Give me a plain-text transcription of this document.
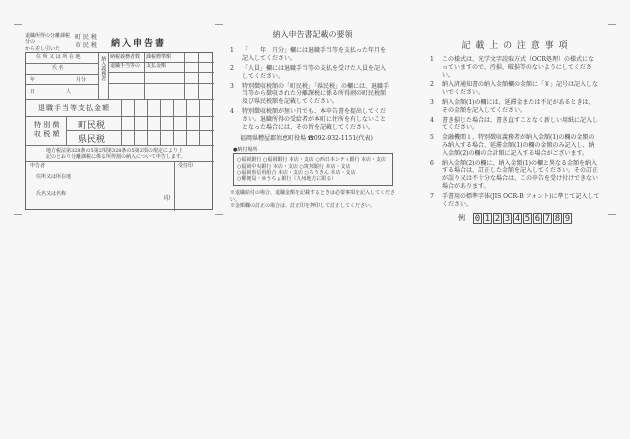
退職所得の分離課税分の
から差し引いた
町 民 税
市 民 税 納入申告書
住 所 又 は 所 在 地
氏 名
年	月分
日	人
納入義務者 納税義務者数 課税標準額
退職手当等の 支払金額
退職手当等支払金額
特 別 徴
収 税 額
町民税
県民税
地方税法第328条の5第2項第328条の5第2項の規定により上記のとおり分離課税に係る所得割の納入について申告します。
申告者
住所又は所在地
氏名又は名称
印
受付印
納入申告書記載の要領
1	「　　年　月分」欄には退職手当等を支払った年月を記入してください。
2	「人員」欄には退職手当等の支払を受けた人員を記入してください。
3	特別徴収税額の「町民税」「県民税」の欄には、退職手当等から徴収された分離課税に係る所得割の町民税額及び県民税額を記載してください。
4	特別徴収税額が無い月でも、本申告書を提出してください。退職所得の受給者が本町に住所を有しないこととなった場合には、その旨を記載してください。
福岡県糟屋郡須恵町役場 ☎092-932-1151(代表)
●納付場所
○福岡銀行 ○福岡銀行 本店・支店 ○西日本シティ銀行 本店・支店
○福岡中央銀行 本店・支店 ○筑邦銀行 本店・支店
○福岡県信用組合 本店・支店 ○ろうきん 本店・支店
○郵便局・ゆうちょ銀行（九州地方に限る）
※退職給付の場合、退職金額を記載するときは必要事項を記入してください。
※金額欄の訂正の場合は、訂正印を押印して訂正してください。
記 載 上 の 注 意 事 項
1	この様式は、光学文字読取方式（OCR処理）の様式になっていますので、汚損、破損等のないようにしてください。
2	納入済通知書の納入金額欄の金額に「￥」記号は記入しないでください。
3	納入金額(1)の欄には、延滞金または不足があるときは、その金額を記入してください。
4	書き損じた場合は、書き直すことなく新しい用紙に記入してください。
5	金融機関１、特別徴収義務者が納入金額(1)の欄の金額のみ納入する場合、延滞金額(1)の欄の金額のみ記入し、納入金額(2)の欄の合計額に記入する場合がございます。
6	納入金額(2)の欄に、納入金額(1)の欄と異なる金額を納入する場合は、訂正した金額を記入してください。その訂正が誤り又は不十分な場合は、この申告を受け付けできない場合があります。
7	手書用の標準字体(JIS OCR-B フォント)に準じて記入してください。
例 0 1 2 3 4 5 6 7 8 9
